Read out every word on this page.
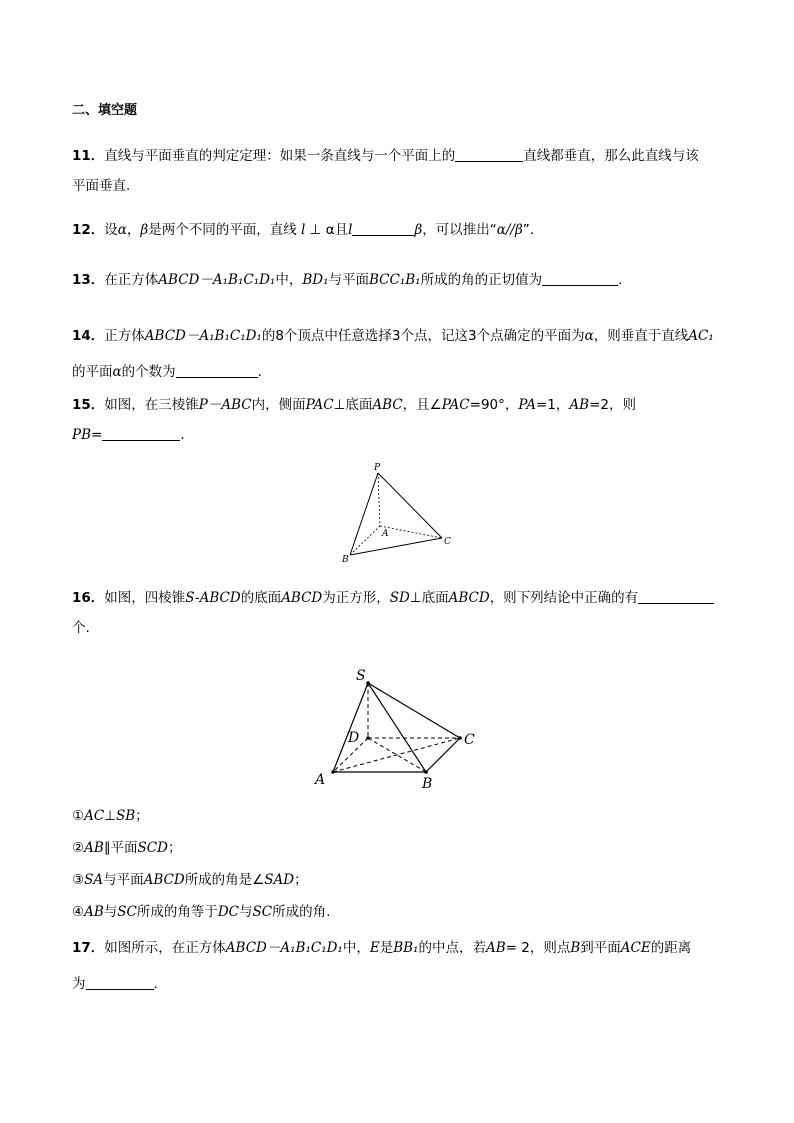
二、填空题
11．直线与平面垂直的判定定理：如果一条直线与一个平面上的	直线都垂直，那么此直线与该
平面垂直.
12．设α，β是两个不同的平面，直线 l ⊥ α且l	β，可以推出“α//β”.
13．在正方体ABCD－A₁B₁C₁D₁中，BD₁与平面BCC₁B₁所成的角的正切值为	.
14．正方体ABCD－A₁B₁C₁D₁的8个顶点中任意选择3个点，记这3个点确定的平面为α，则垂直于直线AC₁
的平面α的个数为	.
15．如图，在三棱锥P－ABC内，侧面PAC⊥底面ABC，且∠PAC=90°，PA=1，AB=2，则
PB=	.
P
A
B
C
16．如图，四棱锥S-ABCD的底面ABCD为正方形，SD⊥底面ABCD，则下列结论中正确的有
个.
S
D
A	B
C
①AC⊥SB；
②AB∥平面SCD；
③SA与平面ABCD所成的角是∠SAD；
④AB与SC所成的角等于DC与SC所成的角.
17．如图所示，在正方体ABCD－A₁B₁C₁D₁中，E是BB₁的中点，若AB= 2，则点B到平面ACE的距离
为	.
